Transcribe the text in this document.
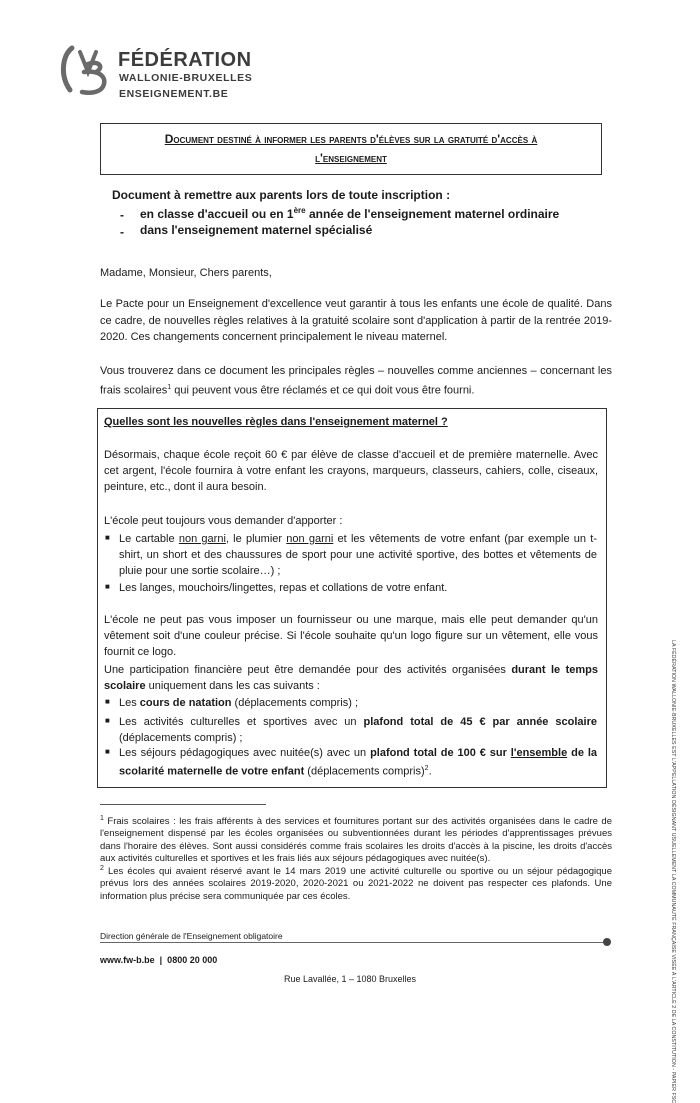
FÉDÉRATION
WALLONIE-BRUXELLES
ENSEIGNEMENT.BE
Document destiné à informer les parents d'élèves sur la gratuité d'accès à
l'enseignement
Document à remettre aux parents lors de toute inscription :
- en classe d'accueil ou en 1ère année de l'enseignement maternel ordinaire
- dans l'enseignement maternel spécialisé
Madame, Monsieur, Chers parents,
Le Pacte pour un Enseignement d'excellence veut garantir à tous les enfants une école de qualité. Dans ce cadre, de nouvelles règles relatives à la gratuité scolaire sont d'application à partir de la rentrée 2019-2020. Ces changements concernent principalement le niveau maternel.
Vous trouverez dans ce document les principales règles – nouvelles comme anciennes – concernant les frais scolaires$^1$ qui peuvent vous être réclamés et ce qui doit vous être fourni.
Quelles sont les nouvelles règles dans l'enseignement maternel ?
Désormais, chaque école reçoit 60 € par élève de classe d'accueil et de première maternelle. Avec cet argent, l'école fournira à votre enfant les crayons, marqueurs, classeurs, cahiers, colle, ciseaux, peinture, etc., dont il aura besoin.
L'école peut toujours vous demander d'apporter :
■ Le cartable non garni, le plumier non garni et les vêtements de votre enfant (par exemple un t-shirt, un short et des chaussures de sport pour une activité sportive, des bottes et vêtements de pluie pour une sortie scolaire…) ;
■ Les langes, mouchoirs/lingettes, repas et collations de votre enfant.
L'école ne peut pas vous imposer un fournisseur ou une marque, mais elle peut demander qu'un vêtement soit d'une couleur précise. Si l'école souhaite qu'un logo figure sur un vêtement, elle vous fournit ce logo.
Une participation financière peut être demandée pour des activités organisées durant le temps scolaire uniquement dans les cas suivants :
■ Les cours de natation (déplacements compris) ;
■ Les activités culturelles et sportives avec un plafond total de 45 € par année scolaire (déplacements compris) ;
■ Les séjours pédagogiques avec nuitée(s) avec un plafond total de 100 € sur l'ensemble de la scolarité maternelle de votre enfant (déplacements compris)$^2$.
$^1$ Frais scolaires : les frais afférents à des services et fournitures portant sur des activités organisées dans le cadre de l'enseignement dispensé par les écoles organisées ou subventionnées durant les périodes d'apprentissages prévues dans l'horaire des élèves. Sont aussi considérés comme frais scolaires les droits d'accès à la piscine, les droits d'accès aux activités culturelles et sportives et les frais liés aux séjours pédagogiques avec nuitée(s).
$^2$ Les écoles qui avaient réservé avant le 14 mars 2019 une activité culturelle ou sportive ou un séjour pédagogique prévus lors des années scolaires 2019-2020, 2020-2021 ou 2021-2022 ne doivent pas respecter ces plafonds. Une information plus précise sera communiquée par ces écoles.
Direction générale de l'Enseignement obligatoire
www.fw-b.be  |  0800 20 000
Rue Lavallée, 1 – 1080 Bruxelles	LA FÉDÉRATION WALLONIE-BRUXELLES EST L'APPELLATION DÉSIGNANT USUELLEMENT LA COMMUNAUTÉ FRANÇAISE VISÉE À L'ARTICLE 2 DE LA CONSTITUTION - PAPIER FSC
